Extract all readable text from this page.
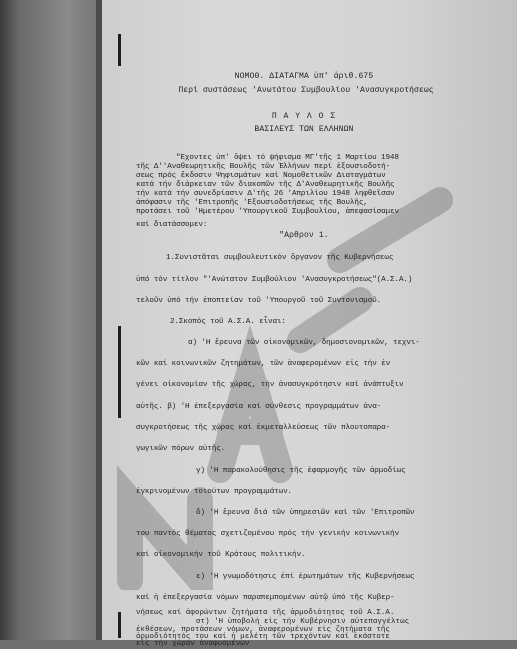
ΝΟΜΟΘ. ΔΙΑΤΑΓΜΑ ὑπ' ἀριθ.675
Περί συστάσεως 'Ανωτάτου Συμβουλίου 'Ανασυγκροτήσεως
Π Α Υ Λ Ο Σ
ΒΑΣΙΛΕΥΣ ΤΩΝ ΕΛΛΗΝΩΝ
"Εχοντες ὑπ' ὄψει τό ψήφισμα ΜΓ'τῆς 1 Μαρτίου 1948
τῆς Δ''Αναθεωρητικῆς Βουλῆς τῶν Ἑλλήνων περί ἐξουσιοδοτή-
σεως πρός ἔκδοσιν Ψηφισμάτων καί Νομοθετικῶν Διαταγμάτων
κατά τήν διάρκειαν τῶν διακοπῶν τῆς Δ'Αναθεωρητικῆς Βουλῆς
τήν κατά τήν συνεδρίασιν Δ'τῆς 26 'Απριλίου 1948 ληφθεῖσαν
ἀπόφασιν τῆς 'Επιτροπῆς 'Εξουσιοδοτήσεως τῆς Βουλῆς,
προτάσει τοῦ 'Ημετέρου 'Υπουργικοῦ Συμβουλίου, ἀπεφασίσαμεν
καί διατάσσομεν:
"Αρθρον 1.
1.Συνιστᾶται συμβουλευτικόν ὄργανον τῆς Κυβερνήσεως
ὑπό τόν τίτλον "'Ανώτατον Συμβούλιον 'Ανασυγκροτήσεως"(Α.Σ.Α.)
τελοῦν ὑπό τήν ἐποπτείαν τοῦ 'Υπουργοῦ τοῦ Συντονισμοῦ.
2.Σκοπός τοῦ Α.Σ.Α. εἶναι:
α) 'Η ἔρευνα τῶν οἰκονομικῶν, δημοσιονομικῶν, τεχνι-
κῶν καί κοινωνικῶν ζητημάτων, τῶν ἀναφερομένων εἰς τήν ἐν
γένει οἰκονομίαν τῆς χώρας, τήν ἀνασυγκρότησιν καί ἀνάπτυξιν
αὐτῆς. β) 'Η ἐπεξεργασία καί σύνθεσις προγραμμάτων ἀνα-
συγκροτήσεως τῆς χώρας καί ἐκμεταλλεύσεως τῶν πλουτοπαρα-
γωγικῶν πόρων αὐτῆς.
γ) 'Η παρακολούθησις τῆς ἐφαρμογῆς τῶν ἁρμοδίως
ἐγκρινομένων τοιούτων προγραμμάτων.
δ) 'Η ἔρευνα διά τῶν ὑπηρεσιῶν καί τῶν 'Επιτροπῶν
του παντός θέματος σχετιζομένου πρός τήν γενικήν κοινωνικήν
καί οἰκονομικήν τοῦ Κράτους πολιτικήν.
ε) 'Η γνωμοδότησις ἐπί ἐρωτημάτων τῆς Κυβερνήσεως
καί ἡ ἐπεξεργασία νόμων παραπεμπομένων αὐτῷ ὑπό τῆς Κυβερ-
νήσεως καί ἀφορώντων ζητήματα τῆς ἁρμοδιότητος τοῦ Α.Σ.Α.
στ) 'Η ὑποβολή εἰς τήν Κυβέρνησιν αὐτεπαγγέλτως
ἐκθέσεων, προτάσεων νόμων, ἀναφερομένων εἰς ζητήματα τῆς
ἁρμοδιότητός του καί ἡ μελέτη τῶν τρεχόντων καί ἑκάστοτε
εἰς τήν χώραν ἀναφυομένων
